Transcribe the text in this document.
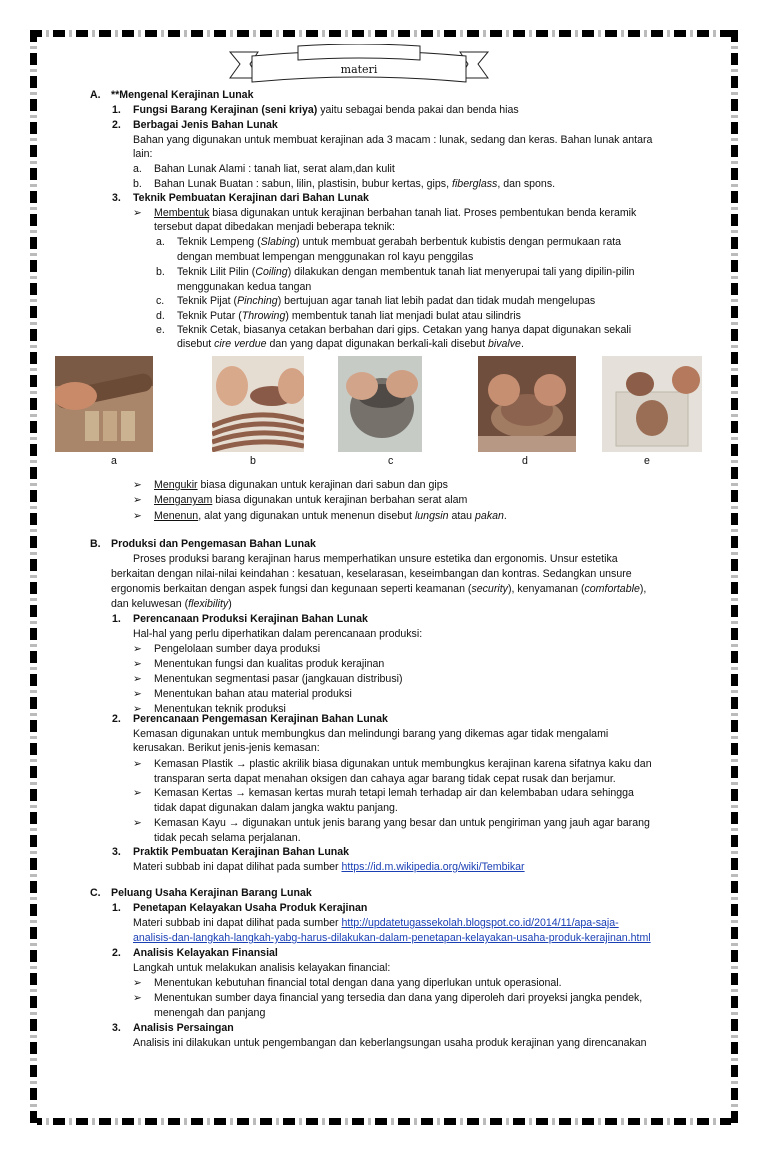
materi
A. **Mengenal Kerajinan Lunak
1. Fungsi Barang Kerajinan (seni kriya) yaitu sebagai benda pakai dan benda hias
2. Berbagai Jenis Bahan Lunak
Bahan yang digunakan untuk membuat kerajinan ada 3 macam : lunak, sedang dan keras. Bahan lunak antara
lain:
a. Bahan Lunak Alami : tanah liat, serat alam,dan kulit
b. Bahan Lunak Buatan : sabun, lilin, plastisin, bubur kertas, gips, fiberglass, dan spons.
3. Teknik Pembuatan Kerajinan dari Bahan Lunak
➢ Membentuk biasa digunakan untuk kerajinan berbahan tanah liat. Proses pembentukan benda keramik
tersebut dapat dibedakan menjadi beberapa teknik:
a. Teknik Lempeng (Slabing) untuk membuat gerabah berbentuk kubistis dengan permukaan rata
dengan membuat lempengan menggunakan rol kayu penggilas
b. Teknik Lilit Pilin (Coiling) dilakukan dengan membentuk tanah liat menyerupai tali yang dipilin-pilin
menggunakan kedua tangan
c. Teknik Pijat (Pinching) bertujuan agar tanah liat lebih padat dan tidak mudah mengelupas
d. Teknik Putar (Throwing) membentuk tanah liat menjadi bulat atau silindris
e. Teknik Cetak, biasanya cetakan berbahan dari gips. Cetakan yang hanya dapat digunakan sekali
disebut cire verdue dan yang dapat digunakan berkali-kali disebut bivalve.
a	b	c	d	e
➢ Mengukir biasa digunakan untuk kerajinan dari sabun dan gips
➢ Menganyam biasa digunakan untuk kerajinan berbahan serat alam
➢ Menenun, alat yang digunakan untuk menenun disebut lungsin atau pakan.
B. Produksi dan Pengemasan Bahan Lunak
Proses produksi barang kerajinan harus memperhatikan unsure estetika dan ergonomis. Unsur estetika
berkaitan dengan nilai-nilai keindahan : kesatuan, keselarasan, keseimbangan dan kontras. Sedangkan unsure
ergonomis berkaitan dengan aspek fungsi dan kegunaan seperti keamanan (security), kenyamanan (comfortable),
dan keluwesan (flexibility)
1. Perencanaan Produksi Kerajinan Bahan Lunak
Hal-hal yang perlu diperhatikan dalam perencanaan produksi:
➢ Pengelolaan sumber daya produksi
➢ Menentukan fungsi dan kualitas produk kerajinan
➢ Menentukan segmentasi pasar (jangkauan distribusi)
➢ Menentukan bahan atau material produksi
➢ Menentukan teknik produksi
2. Perencanaan Pengemasan Kerajinan Bahan Lunak
Kemasan digunakan untuk membungkus dan melindungi barang yang dikemas agar tidak mengalami
kerusakan. Berikut jenis-jenis kemasan:
➢ Kemasan Plastik → plastic akrilik biasa digunakan untuk membungkus kerajinan karena sifatnya kaku dan
transparan serta dapat menahan oksigen dan cahaya agar barang tidak cepat rusak dan berjamur.
➢ Kemasan Kertas → kemasan kertas murah tetapi lemah terhadap air dan kelembaban udara sehingga
tidak dapat digunakan dalam jangka waktu panjang.
➢ Kemasan Kayu → digunakan untuk jenis barang yang besar dan untuk pengiriman yang jauh agar barang
tidak pecah selama perjalanan.
3. Praktik Pembuatan Kerajinan Bahan Lunak
Materi subbab ini dapat dilihat pada sumber https://id.m.wikipedia.org/wiki/Tembikar
C. Peluang Usaha Kerajinan Barang Lunak
1. Penetapan Kelayakan Usaha Produk Kerajinan
Materi subbab ini dapat dilihat pada sumber http://updatetugassekolah.blogspot.co.id/2014/11/apa-saja-
analisis-dan-langkah-langkah-yabg-harus-dilakukan-dalam-penetapan-kelayakan-usaha-produk-kerajinan.html
2. Analisis Kelayakan Finansial
Langkah untuk melakukan analisis kelayakan financial:
➢ Menentukan kebutuhan financial total dengan dana yang diperlukan untuk operasional.
➢ Menentukan sumber daya financial yang tersedia dan dana yang diperoleh dari proyeksi jangka pendek,
menengah dan panjang
3. Analisis Persaingan
Analisis ini dilakukan untuk pengembangan dan keberlangsungan usaha produk kerajinan yang direncanakan
